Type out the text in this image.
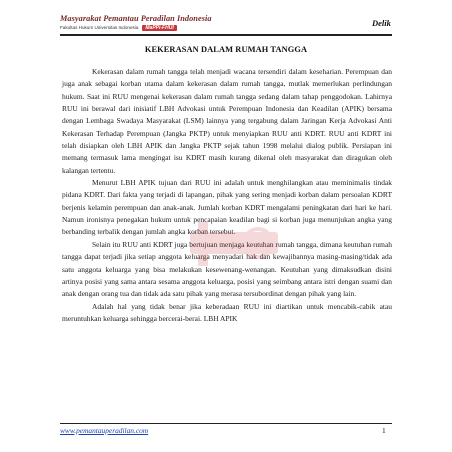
Masyarakat Pemantau Peradilan Indonesia
Fakultas Hukum Universitas Indonesia	MaPPI-FHUI	Delik
KEKERASAN DALAM RUMAH TANGGA

Kekerasan dalam rumah tangga telah menjadi wacana tersendiri dalam keseharian. Perempuan dan juga anak sebagai korban utama dalam kekerasan dalam rumah tangga, mutlak memerlukan perlindungan hukum. Saat ini RUU mengenai kekerasan dalam rumah tangga sedang dalam tahap penggodokan. Lahirnya RUU ini berawal dari inisiatif LBH Advokasi untuk Perempuan Indonesia dan Keadilan (APIK) bersama dengan Lembaga Swadaya Masyarakat (LSM) lainnya yang tergabung dalam Jaringan Kerja Advokasi Anti Kekerasan Terhadap Perempuan (Jangka PKTP) untuk menyiapkan RUU anti KDRT. RUU anti KDRT ini telah disiapkan oleh LBH APIK dan Jangka PKTP sejak tahun 1998 melalui dialog publik. Persiapan ini memang termasuk lama mengingat isu KDRT masih kurang dikenal oleh masyarakat dan diragukan oleh kalangan tertentu.

Menurut LBH APIK tujuan dari RUU ini adalah untuk menghilangkan atau meminimalis tindak pidana KDRT. Dari fakta yang terjadi di lapangan, pihak yang sering menjadi korban dalam persoalan KDRT berjenis kelamin perempuan dan anak-anak. Jumlah korban KDRT mengalami peningkatan dari hari ke hari. Namun ironisnya penegakan hukum untuk pencapaian keadilan bagi si korban juga menunjukan angka yang berbanding terbalik dengan jumlah angka korban tersebut.

Selain itu RUU anti KDRT juga bertujuan menjaga keutuhan rumah tangga, dimana keutuhan rumah tangga dapat terjadi jika setiap anggota keluarga menyadari hak dan kewajibannya masing-masing/tidak ada satu anggota keluarga yang bisa melakukan kesewenang-wenangan. Keutuhan yang dimaksudkan disini artinya posisi yang sama antara sesama anggota keluarga, posisi yang seimbang antara istri dengan suami dan anak dengan orang tua dan tidak ada satu pihak yang merasa tersubordinat dengan pihak yang lain.

Adalah hal yang tidak benar jika keberadaan RUU ini diartikan untuk mencabik-cabik atau meruntuhkan keluarga sehingga bercerai-berai. LBH APIK

www.pemantauperadilan.com	1
